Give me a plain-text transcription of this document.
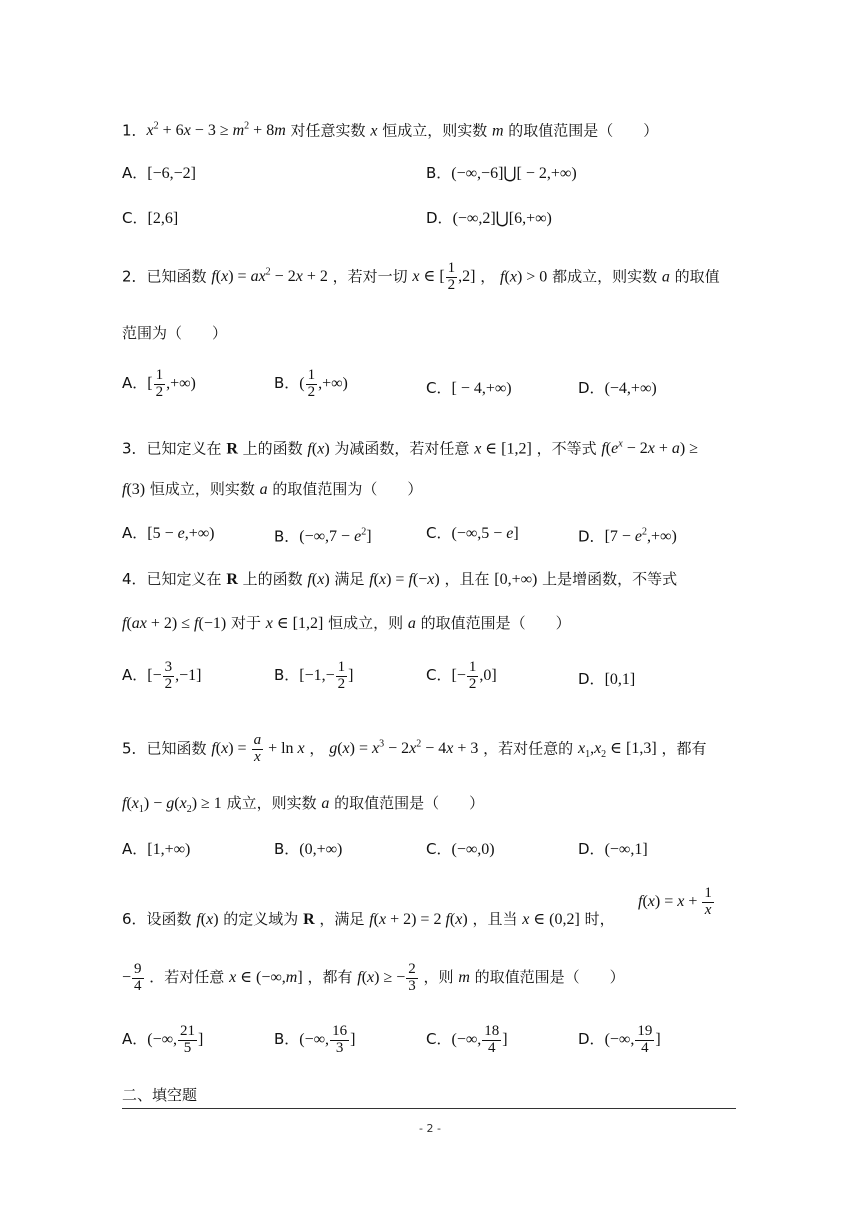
1．$x^2 + 6x - 3 \ge m^2 + 8m$ 对任意实数 x 恒成立，则实数 m 的取值范围是（　　）
A．[−6,−2]	B．(−∞,−6]⋃[ − 2,+∞)
C．[2,6]	D．(−∞,2]⋃[6,+∞)
2．已知函数 $f(x) = ax^2 - 2x + 2$ ，若对一切 x ∈ [ $\frac{1}{2} ,2$] ， f(x) > 0 都成立，则实数 a 的取值
范围为（　　）
A．[ $\frac{1}{2}$ ,+∞)	B．( $\frac{1}{2}$ ,+∞)	C．[ − 4,+∞)	D．(−4,+∞)
3．已知定义在 R 上的函数 f(x) 为减函数，若对任意 x ∈ [1,2] ，不等式 $f(e^x - 2x + a)$ ≥
f(3) 恒成立，则实数 a 的取值范围为（　　）
A．[5 − e,+∞)	B．$(-\infty,7 - e^2]$	C．(−∞,5 − e]	D．$[7 - e^2,+\infty)$
4．已知定义在 R 上的函数 f(x) 满足 f(x) = f(−x) ，且在 [0,+∞) 上是增函数，不等式
f(ax + 2) ≤ f(−1) 对于 x ∈ [1,2] 恒成立，则 a 的取值范围是（　　）
A．[− $\frac{3}{2} ,-1$]	B．[$-1,- \frac{1}{2}$ ]	C．[− $\frac{1}{2} ,0$]	D．[0,1]
5．已知函数 $f(x) = \frac{a}{x} + \ln x$ ， $g(x) = x^3 - 2x^2 - 4x + 3$ ，若对任意的 $x_1,x_2$ ∈ [1,3] ，都有
$f(x_1) - g(x_2) \ge 1$ 成立，则实数 a 的取值范围是（　　）
A．[1,+∞)	B．(0,+∞)	C．(−∞,0)	D．(−∞,1]
6．设函数 f(x) 的定义域为 R ，满足 f(x + 2) = 2 f(x) ，且当 x ∈ (0,2] 时，
$f(x) = x + \frac{1}{x}$
− $\frac{9}{4}$ ．若对任意 x ∈ (−∞,m] ，都有 f(x) ≥ − $\frac{2}{3}$ ，则 m 的取值范围是（　　）
A．(−∞, $\frac{21}{5}$ ]	B．(−∞, $\frac{16}{3}$ ]	C．(−∞, $\frac{18}{4}$ ]	D．(−∞, $\frac{19}{4}$ ]
二、填空题
- 2 -
